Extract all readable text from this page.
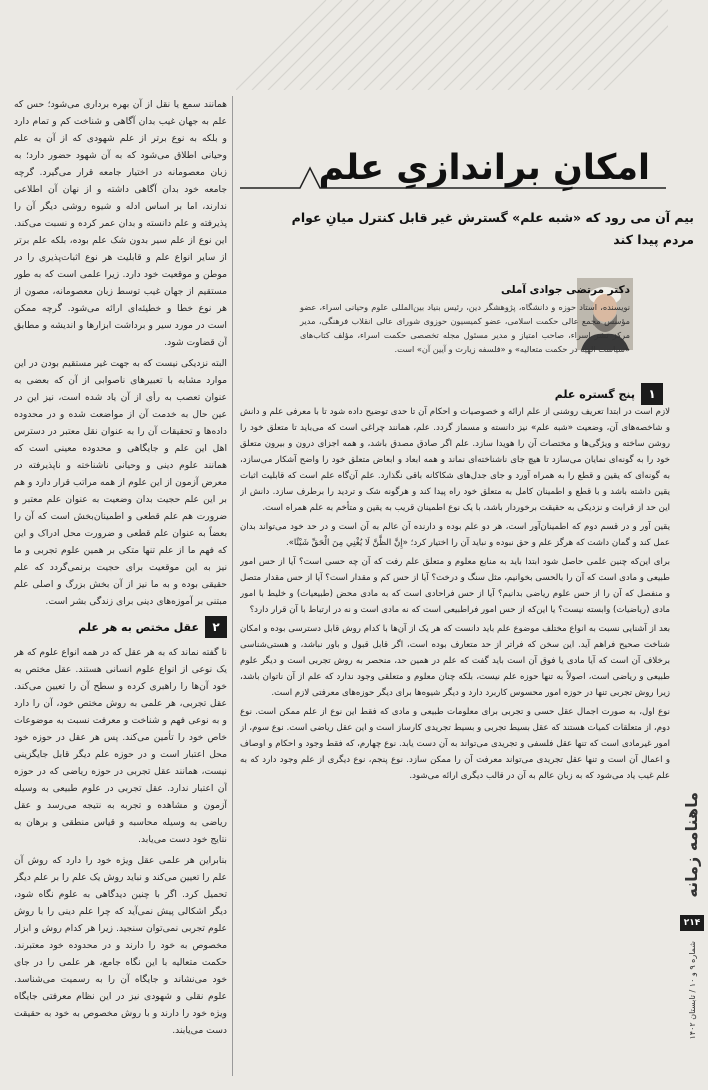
همانند سمع یا نقل از آن بهره برداری می‌شود؛ حس که علم به جهان غیب بدان آگاهی و شناخت کم و تمام دارد و بلکه به نوع برتر از علم شهودی که از آن به علم وحیانی اطلاق می‌شود که به آن شهود حضور دارد؛ به زبان معصومانه در اختیار جامعه قرار می‌گیرد. گرچه جامعه خود بدان آگاهی داشته و از نهان آن اطلاعی ندارند، اما بر اساس ادله و شیوه روشی دیگر آن را پذیرفته و علم دانسته و بدان عمر کرده و نسبت می‌کند. این نوع از علم سیر بدون شک علم بوده، بلکه علم برتر از سایر انواع علم و قابلیت هر نوع اثبات‌پذیری را در موطن و موقعیت خود دارد. زیرا علمی است که به طور مستقیم از جهان غیب توسط زبان معصومانه، مصون از هر نوع خطا و خطیئه‌ای ارائه می‌شود. گرچه ممکن است در مورد سیر و برداشت ابزارها و اندیشه و مطابق آن قضاوت شود.

البته نزدیکی نیست که به جهت غیر مستقیم بودن در این موارد مشابه با تعبیرهای ناصوابی از آن که بعضی به عنوان تعصب به رأی از آن یاد شده است، نیز این در عین حال به خدمت آن از مواضعت شده و در محدوده داده‌ها و تحقیقات آن را به عنوان نقل معتبر در دسترس اهل این علم و جایگاهی و محدوده معینی است که همانند علوم دینی و وحیانی ناشناخته و ناپذیرفته در معرض آزمون از این علوم از همه مراتب قرار دارد و هم بر این علم حجیت بدان وضعیت به عنوان علم معتبر و ضرورت هم علم قطعی و اطمینان‌بخش است که آن را بعضاً به عنوان علم قطعی و ضرورت محل ادراک و این که فهم ما از علم تنها متکی بر همین علوم تجربی و ما نیز به این موقعیت برای حجیت برنمی‌گردد که علم حقیقی بوده و به ما نیز از آن بخش بزرگ و اصلی علم مبتنی بر آموزه‌های دینی برای زندگی بشر است.

۲
عقل مختص به هر علم

نا گفته نماند که به هر عقل که در همه انواع علوم که هر یک نوعی از انواع علوم انسانی هستند. عقل مختص به خود آن‌ها را راهبری کرده و سطح آن را تعیین می‌کند. عقل تجربی، هر علمی به روش مختص خود، آن را دارد و به نوعی فهم و شناخت و معرفت نسبت به موضوعات خاص خود را تأمین می‌کند. پس هر عقل در حوزه خود محل اعتبار است و در حوزه علم دیگر قابل جایگزینی نیست، همانند عقل تجربی در حوزه ریاضی که در حوزه آن اعتبار ندارد. عقل تجربی در علوم طبیعی به وسیله آزمون و مشاهده و تجربه به نتیجه می‌رسد و عقل ریاضی به وسیله محاسبه و قیاس منطقی و برهان به نتایج خود دست می‌یابد.

بنابراین هر علمی عقل ویژه خود را دارد که روش آن علم را تعیین می‌کند و نباید روش یک علم را بر علم دیگر تحمیل کرد. اگر با چنین دیدگاهی به علوم نگاه شود، دیگر اشکالی پیش نمی‌آید که چرا علم دینی را با روش علوم تجربی نمی‌توان سنجید. زیرا هر کدام روش و ابزار مخصوص به خود را دارند و در محدوده خود معتبرند. حکمت متعالیه با این نگاه جامع، هر علمی را در جای خود می‌نشاند و جایگاه آن را به رسمیت می‌شناسد. علوم نقلی و شهودی نیز در این نظام معرفتی جایگاه ویژه خود را دارند و با روش مخصوص به خود به حقیقت دست می‌یابند.

امکانِ براندازیِ علم
بیم آن می رود که «شبه علم» گسترش غیر قابل کنترل میانِ عوام مردم پیدا کند
دکتر مرتضی جوادی آملی
نویسنده، استاد حوزه و دانشگاه، پژوهشگر دین، رئیس بنیاد بین‌المللی علوم وحیانی اسراء، عضو مؤسس مجمع عالی حکمت اسلامی، عضو کمیسیون حوزوی شورای عالی انقلاب فرهنگی، مدیر مرکز نشر اسراء، صاحب امتیاز و مدیر مسئول مجله تخصصی حکمت اسراء، مؤلف کتاب‌های «سیاست الهیه در حکمت متعالیه» و «فلسفه زیارت و آیین آن» است.
۱
پنج گستره علم

لازم است در ابتدا تعریف روشنی از علم ارائه و خصوصیات و احکام آن تا حدی توضیح داده شود تا با معرفی علم و دانش و شاخصه‌های آن، وضعیت «شبه علم» نیز دانسته و مسماز گردد. علم، همانند چراغی است که می‌باید تا متعلق خود را روشن ساخته و ویژگی‌ها و مختصات آن را هویدا سازد. علم اگر صادق مصدق باشد، و همه اجزای درون و بیرون متعلق خود را به گونه‌ای نمایان می‌سازد تا هیچ جای ناشناخته‌ای نماند و همه ابعاد و ابعاض متعلق خود را واضح آشکار می‌سازد، به گونه‌ای که یقین و قطع را به همراه آورد و جای جدل‌های شکاکانه باقی نگذارد. علم آن‌گاه علم است که قابلیت اثبات یقین داشته باشد و با قطع و اطمینان کامل به متعلق خود راه پیدا کند و هرگونه شک و تردید را برطرف سازد. دانش از این حد از قرابت و نزدیکی به حقیقت برخوردار باشد، با یک نوع اطمینان قریب به یقین و متأخم به علم همراه است.

یقین آور و در قسم دوم که اطمینان‌آور است، هر دو علم بوده و دارنده آن عالم به آن است و در حد خود می‌تواند بدان عمل کند و گمان داشت که هرگز علم و حق نبوده و نباید آن را اختیار کرد؛ «إِنَّ الظَّنَّ لَا يُغْنِي مِنَ الْحَقِّ شَيْئًا».

برای این‌که چنین علمی حاصل شود ابتدا باید به منابع معلوم و متعلق علم رفت که آن چه حسی است؟ آیا از حس امور طبیعی و مادی است که آن را بالحسی بخوانیم، مثل سنگ و درخت؟ آیا از حس کم و مقدار است؟ آیا از حس مقدار متصل و منفصل که آن را از حس علوم ریاضی بدانیم؟ آیا از حس فراحادی است که به مادی محض (طبیعیات) و خلیط با امور مادی (ریاضیات) وابسته نیست؟ یا این‌که از حس امور فراطبیعی است که نه مادی است و نه در ارتباط با آن قرار دارد؟

بعد از آشنایی نسبت به انواع مختلف موضوع علم باید دانست که هر یک از آن‌ها با کدام روش قابل دسترسی بوده و امکان شناخت صحیح فراهم آید. این سخن که فراتر از حد متعارف بوده است، اگر قابل قبول و باور نباشد، و هستی‌شناسی برخلاف آن است که آیا مادی یا فوق آن است باید گفت که علم در همین حد، منحصر به روش تجربی است و دیگر علوم طبیعی و ریاضی است، اصولاً به تنها حوزه علم نیست، بلکه چنان معلوم و متعلقی وجود ندارد که علم از آن ناتوان باشد، زیرا روش تجربی تنها در حوزه امور محسوس کاربرد دارد و دیگر شیوه‌ها برای دیگر حوزه‌های معرفتی لازم است.

نوع اول، به صورت اجمال عقل حسی و تجربی برای معلومات طبیعی و مادی که فقط این نوع از علم ممکن است. نوع دوم، از متعلقات کمیات هستند که عقل بسیط تجربی و بسیط تجریدی کارساز است و این عقل ریاضی است. نوع سوم، از امور غیرمادی است که تنها عقل فلسفی و تجریدی می‌تواند به آن دست یابد. نوع چهارم، که فقط وجود و احکام و اوصاف و اعمال آن است و تنها عقل تجریدی می‌تواند معرفت آن را ممکن سازد. نوع پنجم، نوع دیگری از علم وجود دارد که به علم غیب یاد می‌شود که به زبان عالم به آن در قالب دیگری ارائه می‌شود.

ماهنامه زمانه
۲۱۴
شماره ۹ و ۱۰ / تابستان ۱۴۰۲
